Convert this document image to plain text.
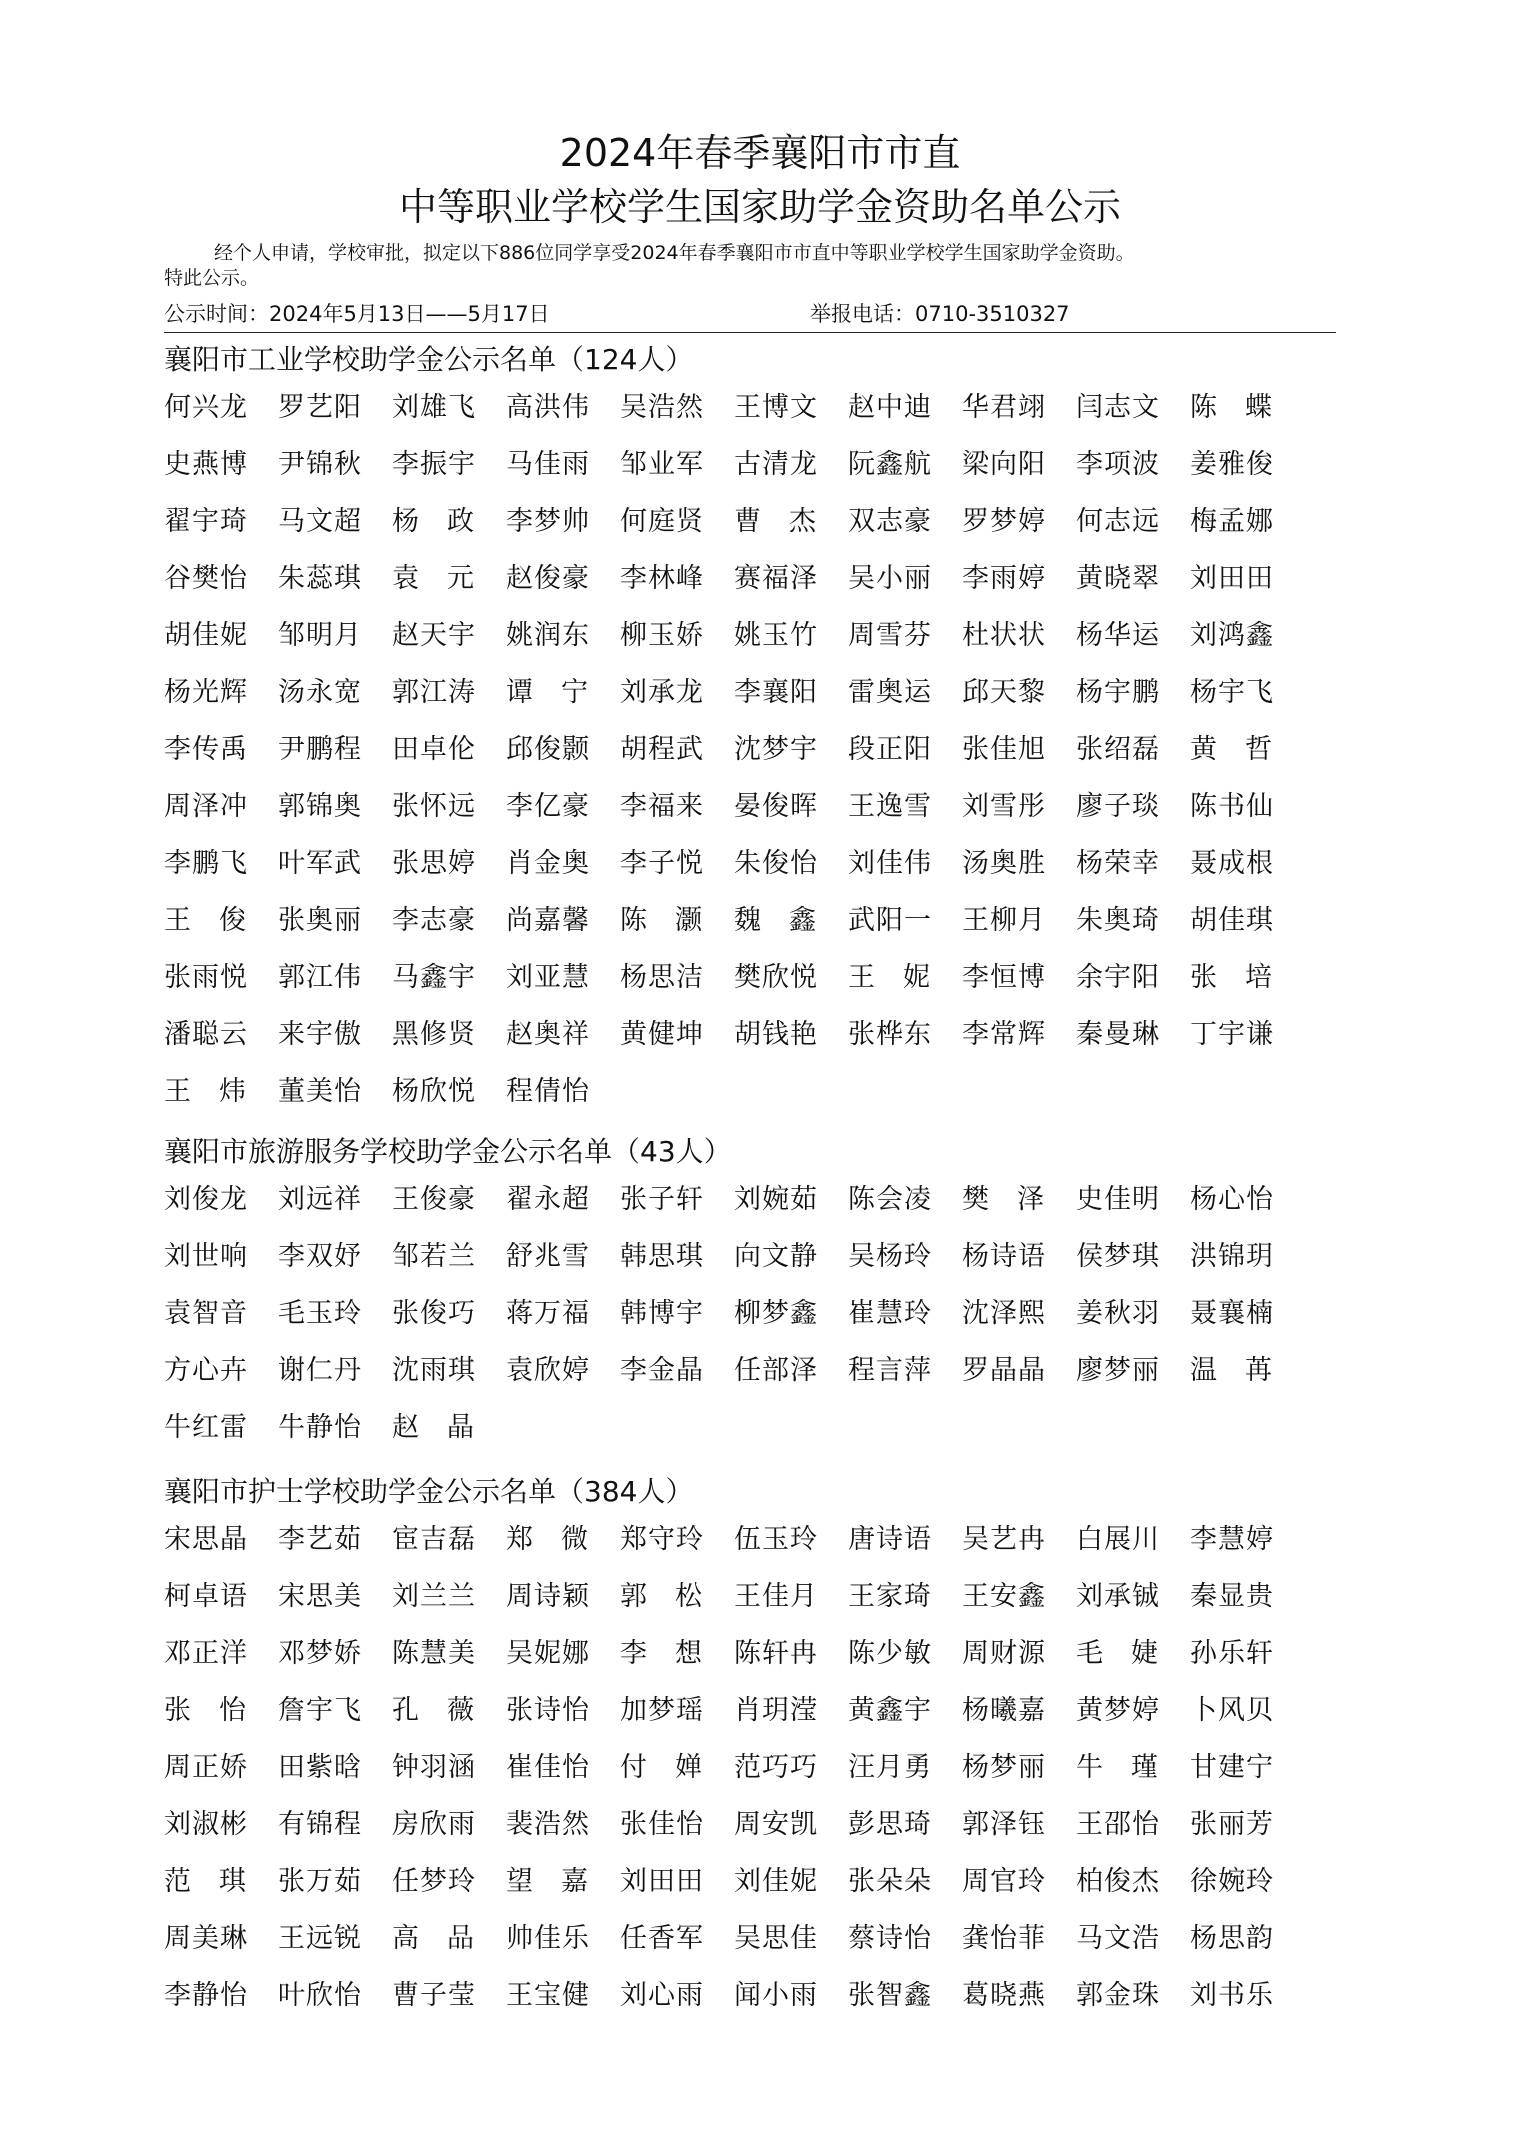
2024年春季襄阳市市直
中等职业学校学生国家助学金资助名单公示

经个人申请，学校审批，拟定以下886位同学享受2024年春季襄阳市市直中等职业学校学生国家助学金资助。

特此公示。

公示时间：2024年5月13日——5月17日	举报电话：0710-3510327
襄阳市工业学校助学金公示名单（124人）
何兴龙	罗艺阳	刘雄飞	高洪伟	吴浩然	王博文	赵中迪	华君翊	闫志文	陈蝶
史燕博	尹锦秋	李振宇	马佳雨	邹业军	古清龙	阮鑫航	梁向阳	李项波	姜雅俊
翟宇琦	马文超	杨政 李梦帅	何庭贤	曹杰 双志豪	罗梦婷	何志远	梅孟娜
谷樊怡	朱蕊琪	袁元 赵俊豪	李林峰	赛福泽	吴小丽	李雨婷	黄晓翠	刘田田
胡佳妮	邹明月	赵天宇	姚润东	柳玉娇	姚玉竹	周雪芬	杜状状	杨华运	刘鸿鑫
杨光辉	汤永宽	郭江涛	谭宁 刘承龙	李襄阳	雷奥运	邱天黎	杨宇鹏	杨宇飞
李传禹	尹鹏程	田卓伦	邱俊颢	胡程武	沈梦宇	段正阳	张佳旭	张绍磊	黄哲
周泽冲	郭锦奥	张怀远	李亿豪	李福来	晏俊晖	王逸雪	刘雪彤	廖子琰	陈书仙
李鹏飞	叶军武	张思婷	肖金奥	李子悦	朱俊怡	刘佳伟	汤奥胜	杨荣幸	聂成根
王俊 张奥丽	李志豪	尚嘉馨	陈灏 魏鑫 武阳一	王柳月	朱奥琦	胡佳琪
张雨悦	郭江伟	马鑫宇	刘亚慧	杨思洁	樊欣悦	王妮 李恒博	余宇阳	张培
潘聪云	来宇傲	黑修贤	赵奥祥	黄健坤	胡钱艳	张桦东	李常辉	秦曼琳	丁宇谦
王炜 董美怡	杨欣悦	程倩怡
襄阳市旅游服务学校助学金公示名单（43人）
刘俊龙	刘远祥	王俊豪	翟永超	张子轩	刘婉茹	陈会凌	樊泽 史佳明	杨心怡
刘世响	李双妤	邹若兰	舒兆雪	韩思琪	向文静	吴杨玲	杨诗语	侯梦琪	洪锦玥
袁智音	毛玉玲	张俊巧	蒋万福	韩博宇	柳梦鑫	崔慧玲	沈泽熙	姜秋羽	聂襄楠
方心卉	谢仁丹	沈雨琪	袁欣婷	李金晶	任部泽	程言萍	罗晶晶	廖梦丽	温苒
牛红雷	牛静怡	赵晶
襄阳市护士学校助学金公示名单（384人）
宋思晶	李艺茹	宦吉磊	郑微 郑守玲	伍玉玲	唐诗语	吴艺冉	白展川	李慧婷
柯卓语	宋思美	刘兰兰	周诗颖	郭松 王佳月	王家琦	王安鑫	刘承铖	秦显贵
邓正洋	邓梦娇	陈慧美	吴妮娜	李想 陈轩冉	陈少敏	周财源	毛婕 孙乐轩
张怡 詹宇飞	孔薇 张诗怡	加梦瑶	肖玥滢	黄鑫宇	杨曦嘉	黄梦婷	卜风贝
周正娇	田紫晗	钟羽涵	崔佳怡	付婵 范巧巧	汪月勇	杨梦丽	牛瑾 甘建宁
刘淑彬	有锦程	房欣雨	裴浩然	张佳怡	周安凯	彭思琦	郭泽钰	王邵怡	张丽芳
范琪 张万茹	任梦玲	望嘉 刘田田	刘佳妮	张朵朵	周官玲	柏俊杰	徐婉玲
周美琳	王远锐	高品 帅佳乐	任香军	吴思佳	蔡诗怡	龚怡菲	马文浩	杨思韵
李静怡	叶欣怡	曹子莹	王宝健	刘心雨	闻小雨	张智鑫	葛晓燕	郭金珠	刘书乐
